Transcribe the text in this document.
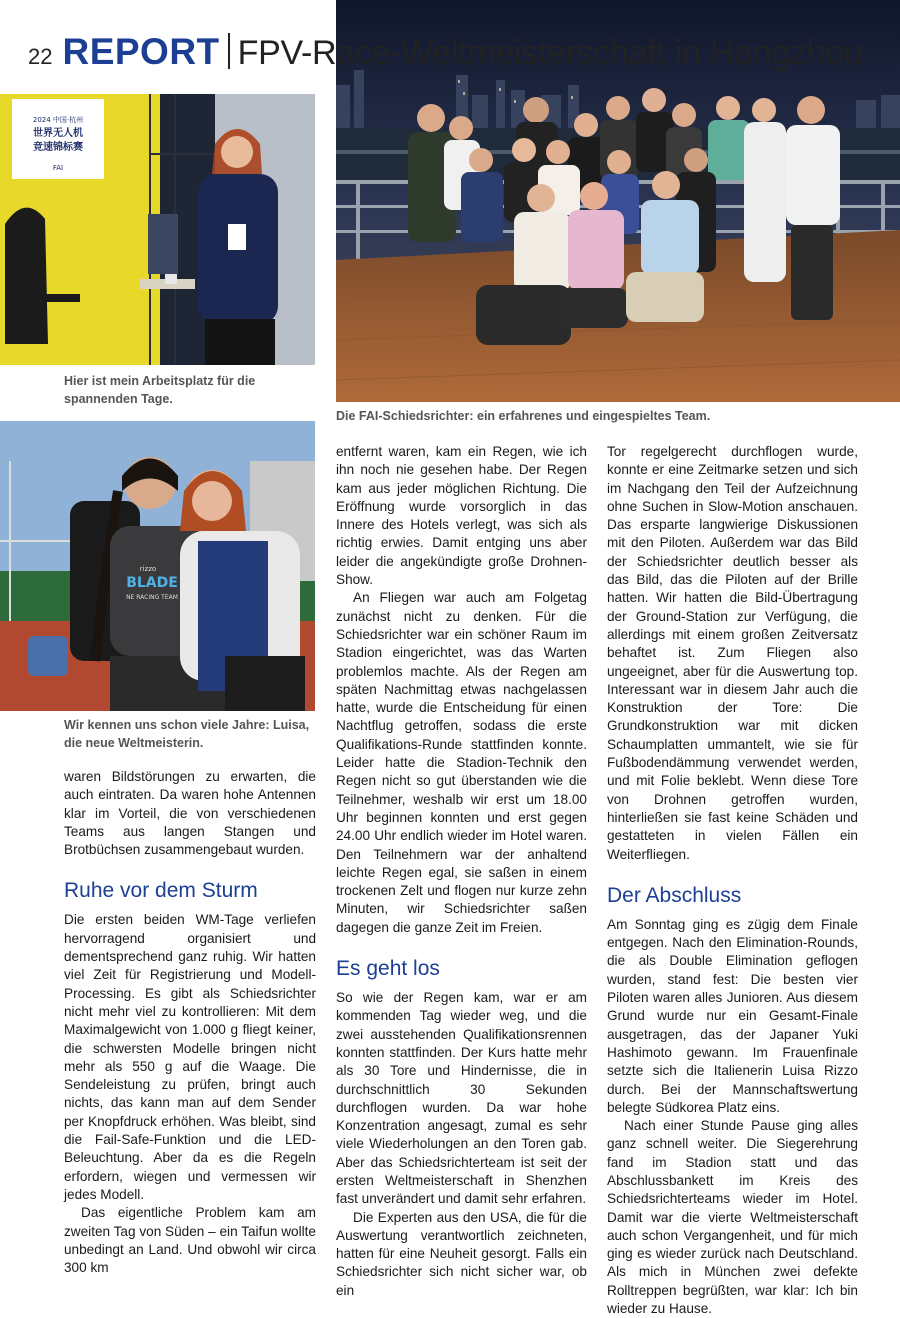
22 REPORT FPV-Race-Weltmeisterschaft in Hangzhou
2024 中国·杭州
世界无人机
竞速锦标赛
FAI
Hier ist mein Arbeitsplatz für die spannenden Tage.
Die FAI-Schiedsrichter: ein erfahrenes und eingespieltes Team.
rizzo
BLADE
NE RACING TEAM
Wir kennen uns schon viele Jahre: Luisa, die neue Weltmeisterin.

waren Bildstörungen zu erwarten, die auch eintraten. Da waren hohe Antennen klar im Vorteil, die von verschiedenen Teams aus langen Stangen und Brotbüchsen zusammengebaut wurden.

Ruhe vor dem Sturm

Die ersten beiden WM-Tage verliefen hervorragend organisiert und dementsprechend ganz ruhig. Wir hatten viel Zeit für Registrierung und Modell-Processing. Es gibt als Schiedsrichter nicht mehr viel zu kontrollieren: Mit dem Maximalgewicht von 1.000 g fliegt keiner, die schwersten Modelle bringen nicht mehr als 550 g auf die Waage. Die Sendeleistung zu prüfen, bringt auch nichts, das kann man auf dem Sender per Knopfdruck erhöhen. Was bleibt, sind die Fail-Safe-Funktion und die LED-Beleuchtung. Aber da es die Regeln erfordern, wiegen und vermessen wir jedes Modell.

Das eigentliche Problem kam am zweiten Tag von Süden – ein Taifun wollte unbedingt an Land. Und obwohl wir circa 300 km

entfernt waren, kam ein Regen, wie ich ihn noch nie gesehen habe. Der Regen kam aus jeder möglichen Richtung. Die Eröffnung wurde vorsorglich in das Innere des Hotels verlegt, was sich als richtig erwies. Damit entging uns aber leider die angekündigte große Drohnen-Show.

An Fliegen war auch am Folgetag zunächst nicht zu denken. Für die Schiedsrichter war ein schöner Raum im Stadion eingerichtet, was das Warten problemlos machte. Als der Regen am späten Nachmittag etwas nachgelassen hatte, wurde die Entscheidung für einen Nachtflug getroffen, sodass die erste Qualifikations-Runde stattfinden konnte. Leider hatte die Stadion-Technik den Regen nicht so gut überstanden wie die Teilnehmer, weshalb wir erst um 18.00 Uhr beginnen konnten und erst gegen 24.00 Uhr endlich wieder im Hotel waren. Den Teilnehmern war der anhaltend leichte Regen egal, sie saßen in einem trockenen Zelt und flogen nur kurze zehn Minuten, wir Schiedsrichter saßen dagegen die ganze Zeit im Freien.

Es geht los

So wie der Regen kam, war er am kommenden Tag wieder weg, und die zwei ausstehenden Qualifikationsrennen konnten stattfinden. Der Kurs hatte mehr als 30 Tore und Hindernisse, die in durchschnittlich 30 Sekunden durchflogen wurden. Da war hohe Konzentration angesagt, zumal es sehr viele Wiederholungen an den Toren gab. Aber das Schiedsrichterteam ist seit der ersten Weltmeisterschaft in Shenzhen fast unverändert und damit sehr erfahren.

Die Experten aus den USA, die für die Auswertung verantwortlich zeichneten, hatten für eine Neuheit gesorgt. Falls ein Schiedsrichter sich nicht sicher war, ob ein

Tor regelgerecht durchflogen wurde, konnte er eine Zeitmarke setzen und sich im Nachgang den Teil der Aufzeichnung ohne Suchen in Slow-Motion anschauen. Das ersparte langwierige Diskussionen mit den Piloten. Außerdem war das Bild der Schiedsrichter deutlich besser als das Bild, das die Piloten auf der Brille hatten. Wir hatten die Bild-Übertragung der Ground-Station zur Verfügung, die allerdings mit einem großen Zeitversatz behaftet ist. Zum Fliegen also ungeeignet, aber für die Auswertung top. Interessant war in diesem Jahr auch die Konstruktion der Tore: Die Grundkonstruktion war mit dicken Schaumplatten ummantelt, wie sie für Fußbodendämmung verwendet werden, und mit Folie beklebt. Wenn diese Tore von Drohnen getroffen wurden, hinterließen sie fast keine Schäden und gestatteten in vielen Fällen ein Weiterfliegen.

Der Abschluss

Am Sonntag ging es zügig dem Finale entgegen. Nach den Elimination-Rounds, die als Double Elimination geflogen wurden, stand fest: Die besten vier Piloten waren alles Junioren. Aus diesem Grund wurde nur ein Gesamt-Finale ausgetragen, das der Japaner Yuki Hashimoto gewann. Im Frauenfinale setzte sich die Italienerin Luisa Rizzo durch. Bei der Mannschaftswertung belegte Südkorea Platz eins.

Nach einer Stunde Pause ging alles ganz schnell weiter. Die Siegerehrung fand im Stadion statt und das Abschlussbankett im Kreis des Schiedsrichterteams wieder im Hotel. Damit war die vierte Weltmeisterschaft auch schon Vergangenheit, und für mich ging es wieder zurück nach Deutschland. Als mich in München zwei defekte Rolltreppen begrüßten, war klar: Ich bin wieder zu Hause.
